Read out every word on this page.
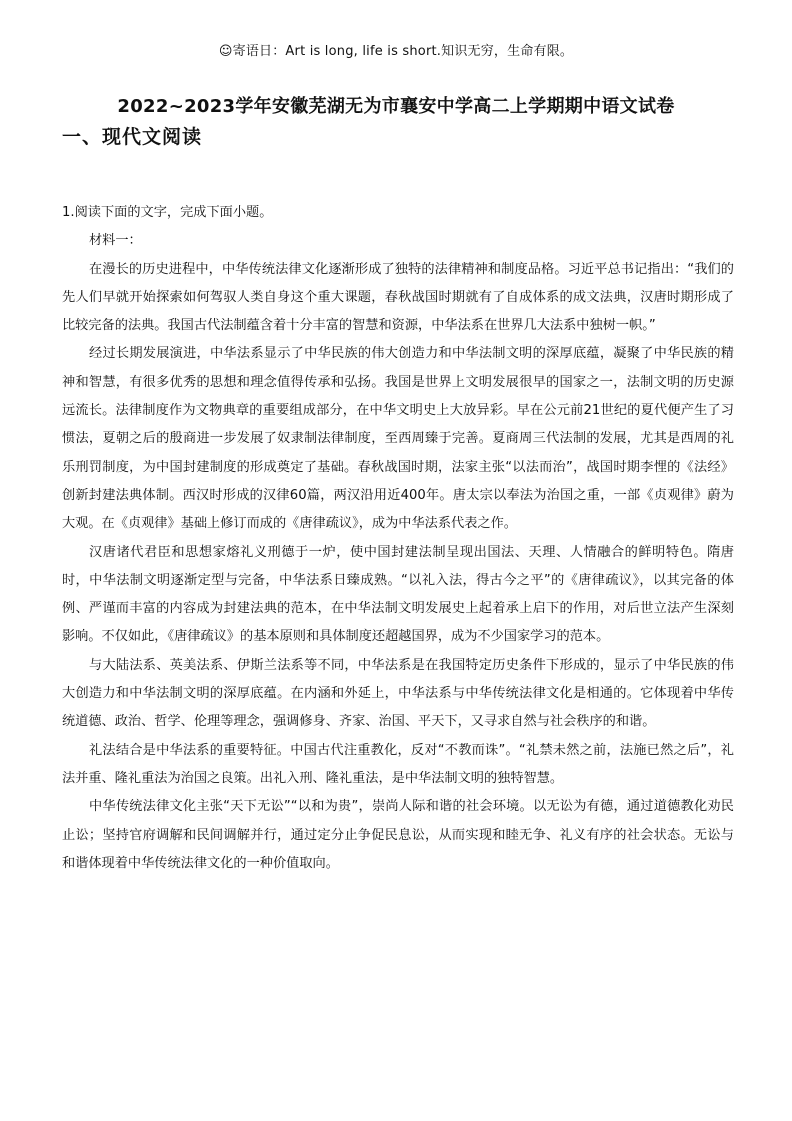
☺寄语日：Art is long, life is short.知识无穷，生命有限。
2022~2023学年安徽芜湖无为市襄安中学高二上学期期中语文试卷
一、现代文阅读

1.阅读下面的文字，完成下面小题。

材料一：

在漫长的历史进程中，中华传统法律文化逐渐形成了独特的法律精神和制度品格。习近平总书记指出：“我们的先人们早就开始探索如何驾驭人类自身这个重大课题，春秋战国时期就有了自成体系的成文法典，汉唐时期形成了比较完备的法典。我国古代法制蕴含着十分丰富的智慧和资源，中华法系在世界几大法系中独树一帜。”

经过长期发展演进，中华法系显示了中华民族的伟大创造力和中华法制文明的深厚底蕴，凝聚了中华民族的精神和智慧，有很多优秀的思想和理念值得传承和弘扬。我国是世界上文明发展很早的国家之一，法制文明的历史源远流长。法律制度作为文物典章的重要组成部分，在中华文明史上大放异彩。早在公元前21世纪的夏代便产生了习惯法，夏朝之后的殷商进一步发展了奴隶制法律制度，至西周臻于完善。夏商周三代法制的发展，尤其是西周的礼乐刑罚制度，为中国封建制度的形成奠定了基础。春秋战国时期，法家主张“以法而治”，战国时期李悝的《法经》创新封建法典体制。西汉时形成的汉律60篇，两汉沿用近400年。唐太宗以奉法为治国之重，一部《贞观律》蔚为大观。在《贞观律》基础上修订而成的《唐律疏议》，成为中华法系代表之作。

汉唐诸代君臣和思想家熔礼义刑德于一炉，使中国封建法制呈现出国法、天理、人情融合的鲜明特色。隋唐时，中华法制文明逐渐定型与完备，中华法系日臻成熟。“以礼入法，得古今之平”的《唐律疏议》，以其完备的体例、严谨而丰富的内容成为封建法典的范本，在中华法制文明发展史上起着承上启下的作用，对后世立法产生深刻影响。不仅如此，《唐律疏议》的基本原则和具体制度还超越国界，成为不少国家学习的范本。

与大陆法系、英美法系、伊斯兰法系等不同，中华法系是在我国特定历史条件下形成的，显示了中华民族的伟大创造力和中华法制文明的深厚底蕴。在内涵和外延上，中华法系与中华传统法律文化是相通的。它体现着中华传统道德、政治、哲学、伦理等理念，强调修身、齐家、治国、平天下，又寻求自然与社会秩序的和谐。

礼法结合是中华法系的重要特征。中国古代注重教化，反对“不教而诛”。“礼禁未然之前，法施已然之后”，礼法并重、隆礼重法为治国之良策。出礼入刑、隆礼重法，是中华法制文明的独特智慧。

中华传统法律文化主张“天下无讼”“以和为贵”，崇尚人际和谐的社会环境。以无讼为有德，通过道德教化劝民止讼；坚持官府调解和民间调解并行，通过定分止争促民息讼，从而实现和睦无争、礼义有序的社会状态。无讼与和谐体现着中华传统法律文化的一种价值取向。
